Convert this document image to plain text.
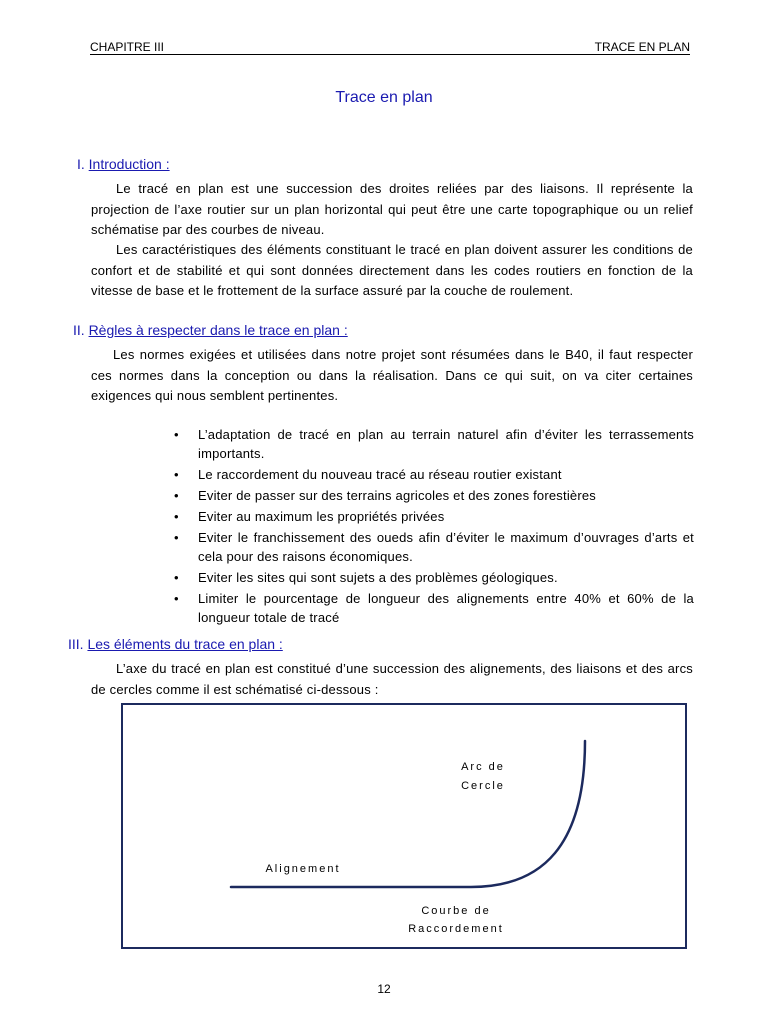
CHAPITRE III	TRACE EN PLAN
Trace en plan
I. Introduction :

Le tracé en plan est une succession des droites reliées par des liaisons. Il représente la projection de l’axe routier sur un plan horizontal qui peut être une carte topographique ou un relief schématise par des courbes de niveau.

Les caractéristiques des éléments constituant le tracé en plan doivent assurer les conditions de confort et de stabilité et qui sont données directement dans les codes routiers en fonction de la vitesse de base et le frottement de la surface assuré par la couche de roulement.

II. Règles à respecter dans le trace en plan :

Les normes exigées et utilisées dans notre projet sont résumées dans le B40, il faut respecter ces normes dans la conception ou dans la réalisation. Dans ce qui suit, on va citer certaines exigences qui nous semblent pertinentes.

• L’adaptation de tracé en plan au terrain naturel afin d’éviter les terrassements importants.
• Le raccordement du nouveau tracé au réseau routier existant
• Eviter de passer sur des terrains agricoles et des zones forestières
• Eviter au maximum les propriétés privées
• Eviter le franchissement des oueds afin d’éviter le maximum d’ouvrages d’arts et cela pour des raisons économiques.
• Eviter les sites qui sont sujets a des problèmes géologiques.
• Limiter le pourcentage de longueur des alignements entre 40% et 60% de la longueur totale de tracé
III. Les éléments du trace en plan :

L’axe du tracé en plan est constitué d’une succession des alignements, des liaisons et des arcs de cercles comme il est schématisé ci-dessous :

Arc de
Cercle
Alignement
Courbe de
Raccordement
12
